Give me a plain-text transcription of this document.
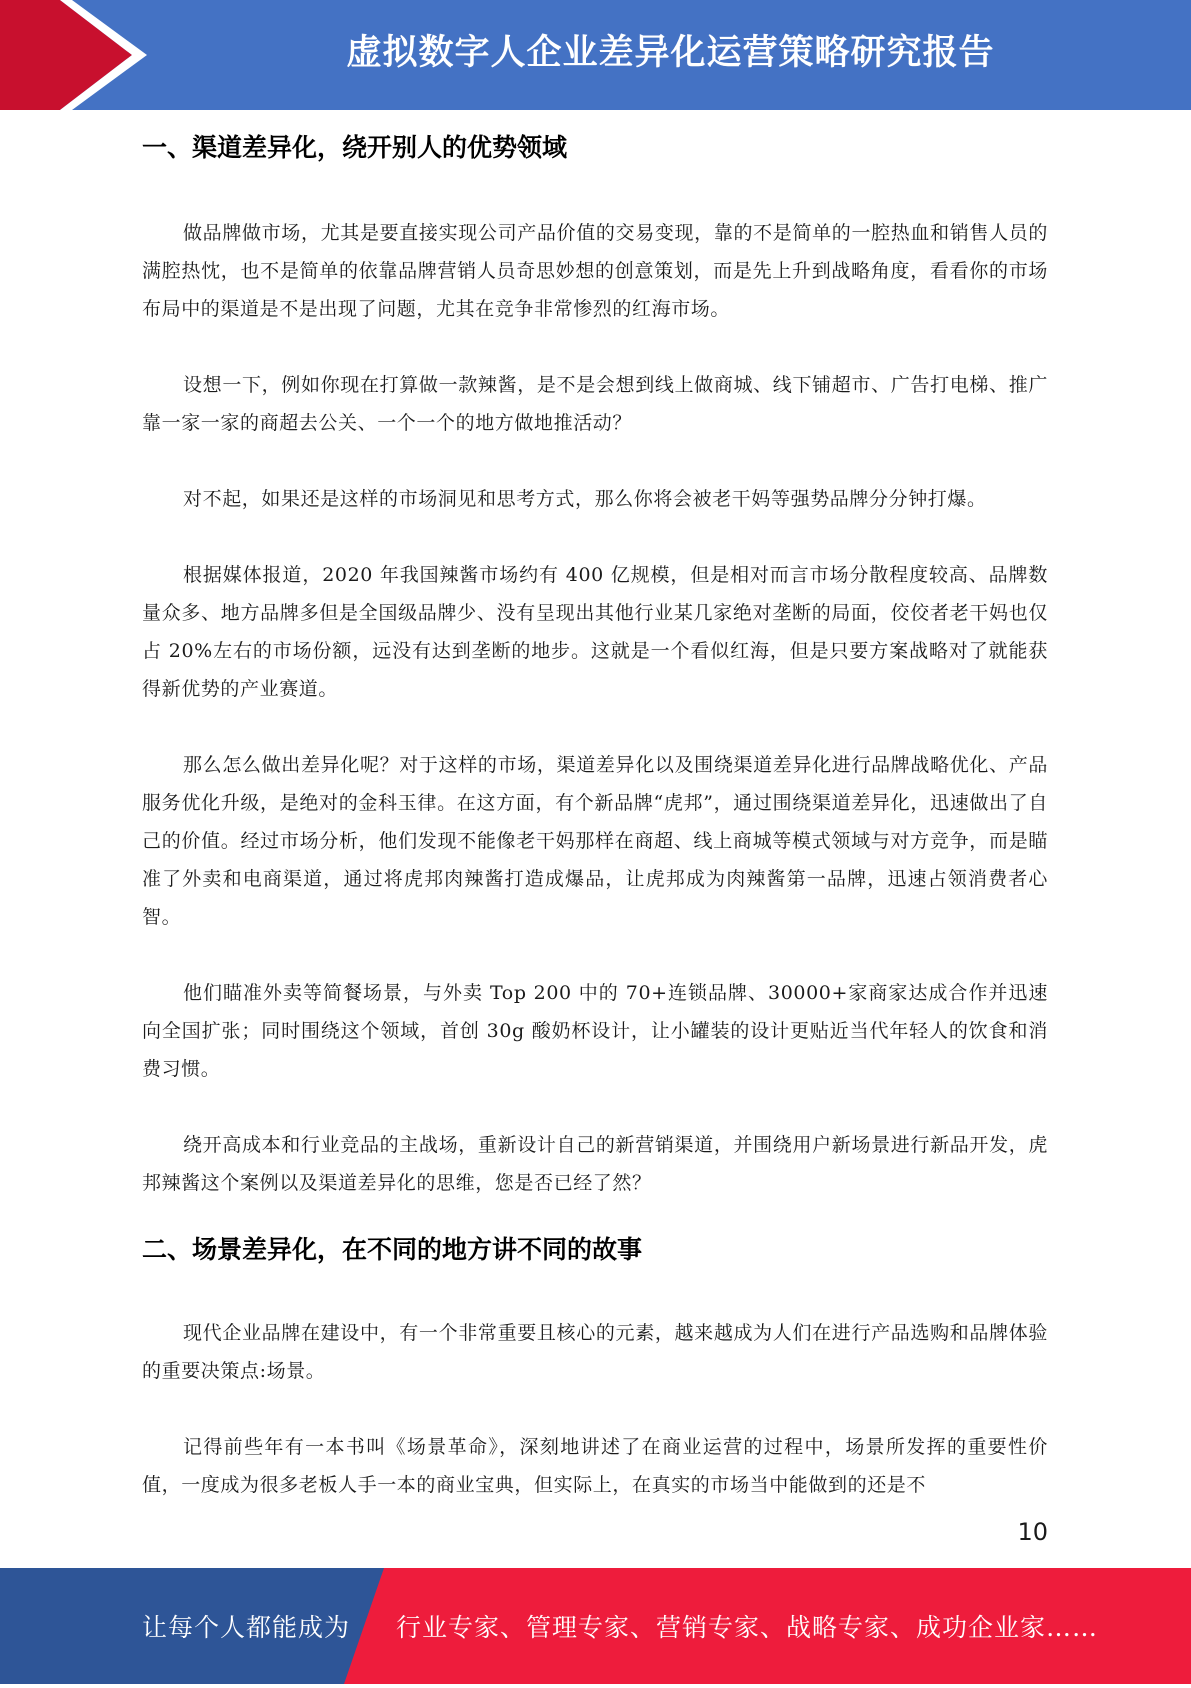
虚拟数字人企业差异化运营策略研究报告
一、渠道差异化，绕开别人的优势领域

做品牌做市场，尤其是要直接实现公司产品价值的交易变现，靠的不是简单的一腔热血和销售人员的满腔热忱，也不是简单的依靠品牌营销人员奇思妙想的创意策划，而是先上升到战略角度，看看你的市场布局中的渠道是不是出现了问题，尤其在竞争非常惨烈的红海市场。

设想一下，例如你现在打算做一款辣酱，是不是会想到线上做商城、线下铺超市、广告打电梯、推广靠一家一家的商超去公关、一个一个的地方做地推活动？

对不起，如果还是这样的市场洞见和思考方式，那么你将会被老干妈等强势品牌分分钟打爆。

根据媒体报道，2020 年我国辣酱市场约有 400 亿规模，但是相对而言市场分散程度较高、品牌数量众多、地方品牌多但是全国级品牌少、没有呈现出其他行业某几家绝对垄断的局面，佼佼者老干妈也仅占 20%左右的市场份额，远没有达到垄断的地步。这就是一个看似红海，但是只要方案战略对了就能获得新优势的产业赛道。

那么怎么做出差异化呢？对于这样的市场，渠道差异化以及围绕渠道差异化进行品牌战略优化、产品服务优化升级，是绝对的金科玉律。在这方面，有个新品牌“虎邦”，通过围绕渠道差异化，迅速做出了自己的价值。经过市场分析，他们发现不能像老干妈那样在商超、线上商城等模式领域与对方竞争，而是瞄准了外卖和电商渠道，通过将虎邦肉辣酱打造成爆品，让虎邦成为肉辣酱第一品牌，迅速占领消费者心智。

他们瞄准外卖等简餐场景，与外卖 Top 200 中的 70+连锁品牌、30000+家商家达成合作并迅速向全国扩张；同时围绕这个领域，首创 30g 酸奶杯设计，让小罐装的设计更贴近当代年轻人的饮食和消费习惯。

绕开高成本和行业竞品的主战场，重新设计自己的新营销渠道，并围绕用户新场景进行新品开发，虎邦辣酱这个案例以及渠道差异化的思维，您是否已经了然？

二、场景差异化，在不同的地方讲不同的故事

现代企业品牌在建设中，有一个非常重要且核心的元素，越来越成为人们在进行产品选购和品牌体验的重要决策点:场景。

记得前些年有一本书叫《场景革命》，深刻地讲述了在商业运营的过程中，场景所发挥的重要性价值，一度成为很多老板人手一本的商业宝典，但实际上，在真实的市场当中能做到的还是不

10
让每个人都能成为 行业专家、管理专家、营销专家、战略专家、成功企业家……
